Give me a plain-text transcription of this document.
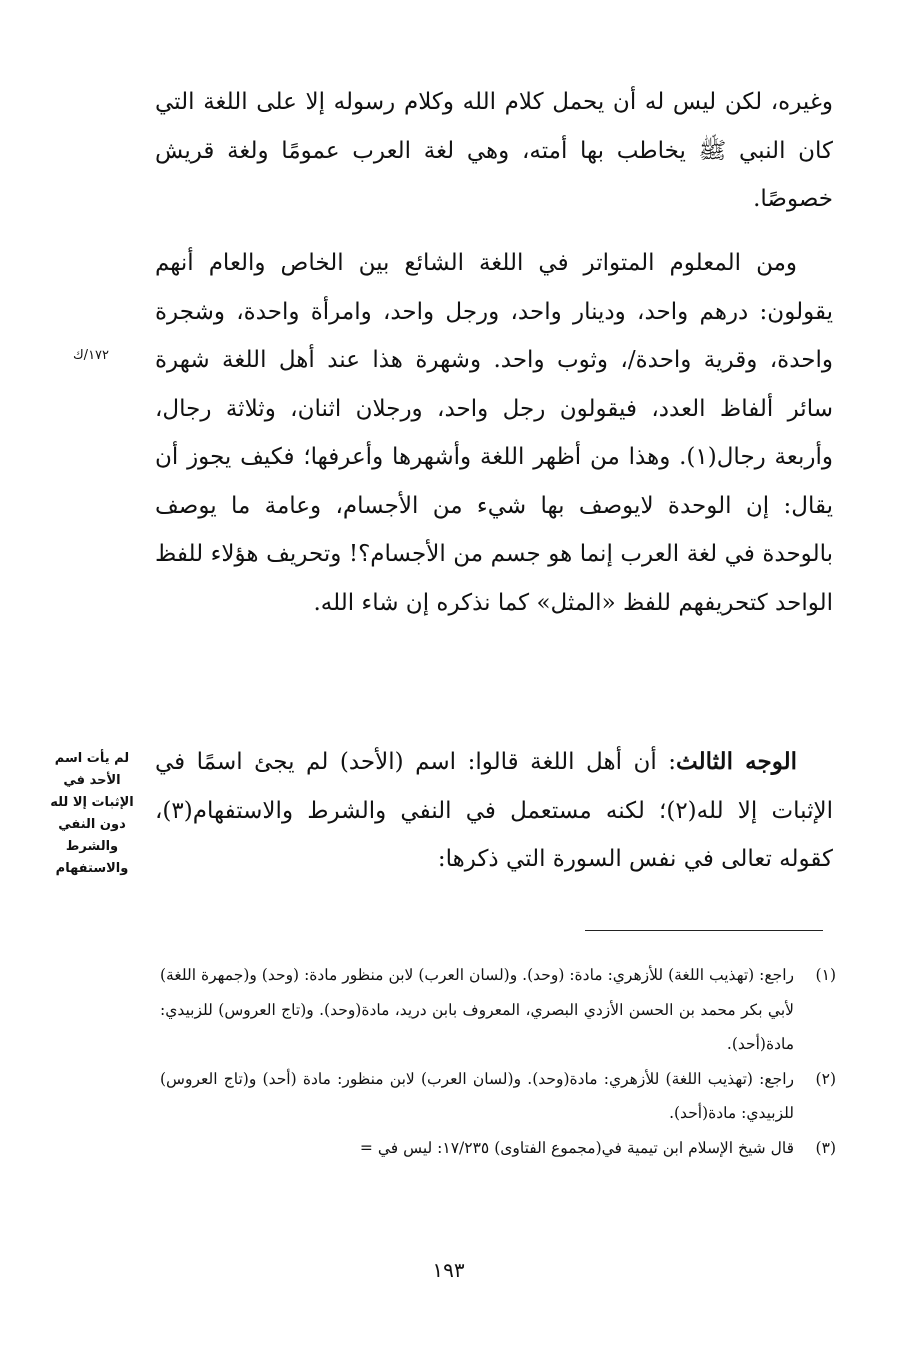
وغيره، لكن ليس له أن يحمل كلام الله وكلام رسوله إلا على اللغة التي كان النبي ﷺ يخاطب بها أمته، وهي لغة العرب عمومًا ولغة قريش خصوصًا.

ومن المعلوم المتواتر في اللغة الشائع بين الخاص والعام أنهم يقولون: درهم واحد، ودينار واحد، ورجل واحد، وامرأة واحدة، وشجرة واحدة، وقرية واحدة/، وثوب واحد. وشهرة هذا عند أهل اللغة شهرة سائر ألفاظ العدد، فيقولون رجل واحد، ورجلان اثنان، وثلاثة رجال، وأربعة رجال(١). وهذا من أظهر اللغة وأشهرها وأعرفها؛ فكيف يجوز أن يقال: إن الوحدة لايوصف بها شيء من الأجسام، وعامة ما يوصف بالوحدة في لغة العرب إنما هو جسم من الأجسام؟! وتحريف هؤلاء للفظ الواحد كتحريفهم للفظ «المثل» كما نذكره إن شاء الله.

١٧٢/ك

الوجه الثالث: أن أهل اللغة قالوا: اسم (الأحد) لم يجئ اسمًا في الإثبات إلا لله(٢)؛ لكنه مستعمل في النفي والشرط والاستفهام(٣)، كقوله تعالى في نفس السورة التي ذكرها:

لم يأت اسم الأحد في الإثبات إلا لله دون النفي والشرط والاستفهام
(١)
راجع: (تهذيب اللغة) للأزهري: مادة: (وحد). و(لسان العرب) لابن منظور مادة: (وحد) و(جمهرة اللغة) لأبي بكر محمد بن الحسن الأزدي البصري، المعروف بابن دريد، مادة(وحد). و(تاج العروس) للزبيدي: مادة(أحد).
(٢)
راجع: (تهذيب اللغة) للأزهري: مادة(وحد). و(لسان العرب) لابن منظور: مادة (أحد) و(تاج العروس) للزبيدي: مادة(أحد).
(٣)
قال شيخ الإسلام ابن تيمية في(مجموع الفتاوى) ١٧/٢٣٥: ليس في =
١٩٣
